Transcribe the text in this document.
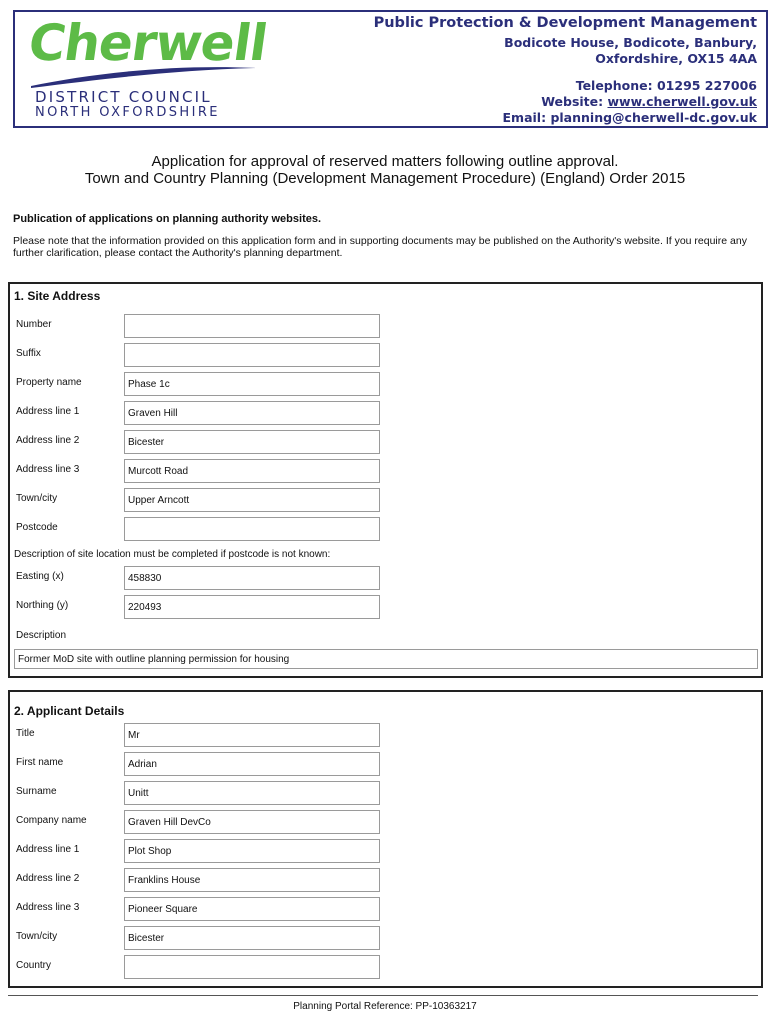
Cherwell
DISTRICT COUNCIL
NORTH OXFORDSHIRE
Public Protection & Development Management
Bodicote House, Bodicote, Banbury,
Oxfordshire, OX15 4AA
Telephone: 01295 227006
Website: www.cherwell.gov.uk
Email: planning@cherwell-dc.gov.uk
Application for approval of reserved matters following outline approval.
Town and Country Planning (Development Management Procedure) (England) Order 2015
Publication of applications on planning authority websites.
Please note that the information provided on this application form and in supporting documents may be published on the Authority's website. If you require any further clarification, please contact the Authority's planning department.
1. Site Address
Number
Suffix
Property name	Phase 1c
Address line 1	Graven Hill
Address line 2	Bicester
Address line 3	Murcott Road
Town/city	Upper Arncott
Postcode
Description of site location must be completed if postcode is not known:
Easting (x)	458830
Northing (y)	220493
Description
Former MoD site with outline planning permission for housing
2. Applicant Details
Title	Mr
First name	Adrian
Surname	Unitt
Company name	Graven Hill DevCo
Address line 1	Plot Shop
Address line 2	Franklins House
Address line 3	Pioneer Square
Town/city	Bicester
Country
Planning Portal Reference: PP-10363217
